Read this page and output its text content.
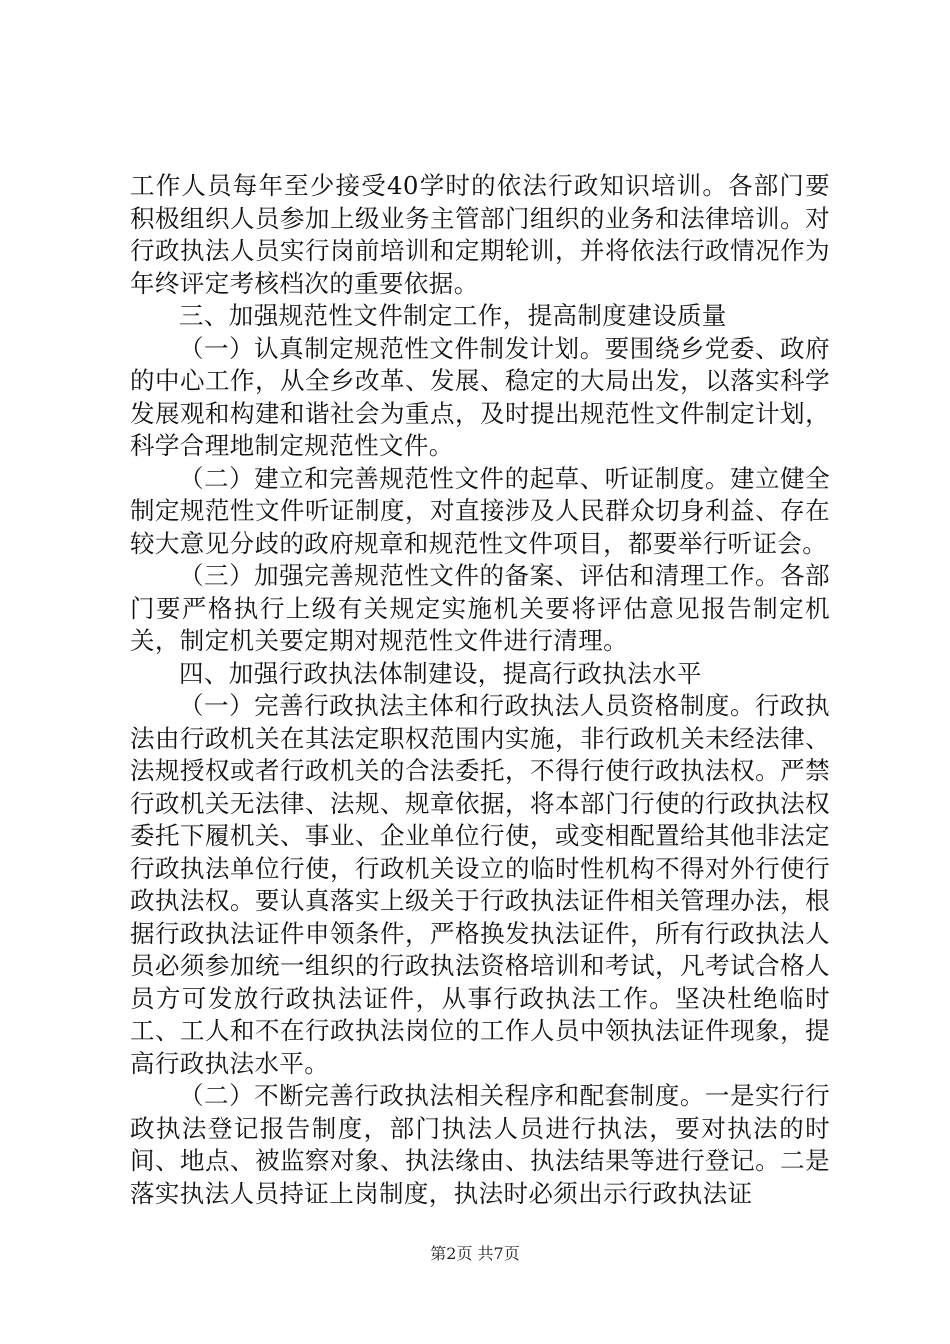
工作人员每年至少接受40学时的依法行政知识培训。各部门要积极组织人员参加上级业务主管部门组织的业务和法律培训。对行政执法人员实行岗前培训和定期轮训，并将依法行政情况作为年终评定考核档次的重要依据。

三、加强规范性文件制定工作，提高制度建设质量

（一）认真制定规范性文件制发计划。要围绕乡党委、政府的中心工作，从全乡改革、发展、稳定的大局出发，以落实科学发展观和构建和谐社会为重点，及时提出规范性文件制定计划，科学合理地制定规范性文件。

（二）建立和完善规范性文件的起草、听证制度。建立健全制定规范性文件听证制度，对直接涉及人民群众切身利益、存在较大意见分歧的政府规章和规范性文件项目，都要举行听证会。

（三）加强完善规范性文件的备案、评估和清理工作。各部门要严格执行上级有关规定实施机关要将评估意见报告制定机关，制定机关要定期对规范性文件进行清理。

四、加强行政执法体制建设，提高行政执法水平

（一）完善行政执法主体和行政执法人员资格制度。行政执法由行政机关在其法定职权范围内实施，非行政机关未经法律、法规授权或者行政机关的合法委托，不得行使行政执法权。严禁行政机关无法律、法规、规章依据，将本部门行使的行政执法权委托下履机关、事业、企业单位行使，或变相配置给其他非法定行政执法单位行使，行政机关设立的临时性机构不得对外行使行政执法权。要认真落实上级关于行政执法证件相关管理办法，根据行政执法证件申领条件，严格换发执法证件，所有行政执法人员必须参加统一组织的行政执法资格培训和考试，凡考试合格人员方可发放行政执法证件，从事行政执法工作。坚决杜绝临时工、工人和不在行政执法岗位的工作人员中领执法证件现象，提高行政执法水平。

（二）不断完善行政执法相关程序和配套制度。一是实行行政执法登记报告制度，部门执法人员进行执法，要对执法的时间、地点、被监察对象、执法缘由、执法结果等进行登记。二是落实执法人员持证上岗制度，执法时必须出示行政执法证

第2页 共7页
